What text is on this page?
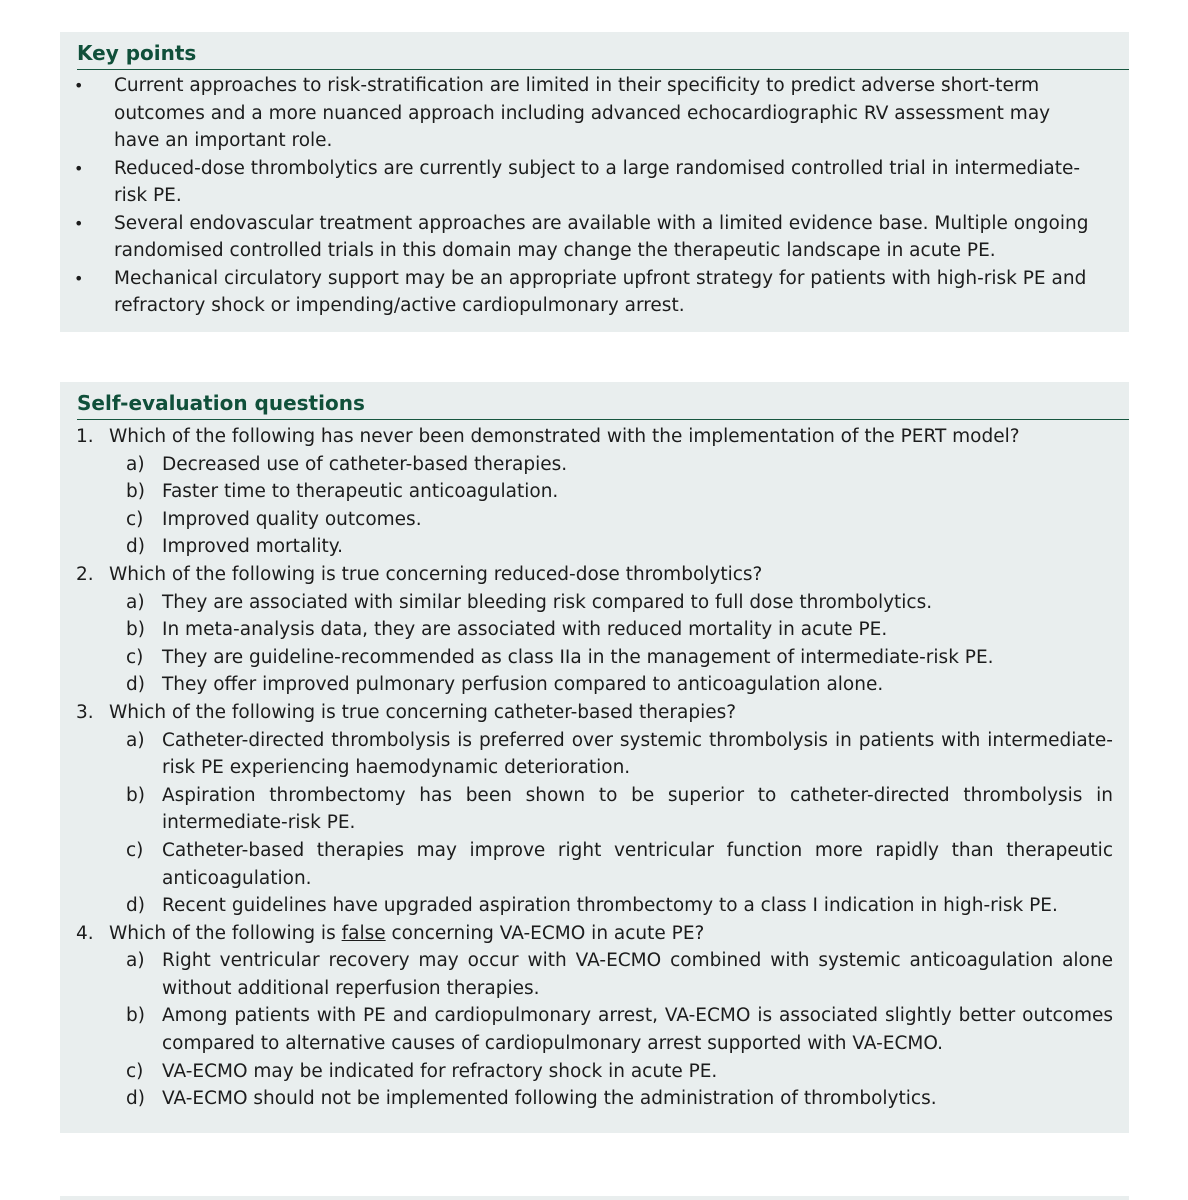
Key points
• Current approaches to risk-stratification are limited in their specificity to predict adverse short-term outcomes and a more nuanced approach including advanced echocardiographic RV assessment may have an important role.
• Reduced-dose thrombolytics are currently subject to a large randomised controlled trial in intermediate-risk PE.
• Several endovascular treatment approaches are available with a limited evidence base. Multiple ongoing randomised controlled trials in this domain may change the therapeutic landscape in acute PE.
• Mechanical circulatory support may be an appropriate upfront strategy for patients with high-risk PE and refractory shock or impending/active cardiopulmonary arrest.
Self-evaluation questions
1. Which of the following has never been demonstrated with the implementation of the PERT model?
a) Decreased use of catheter-based therapies.
b) Faster time to therapeutic anticoagulation.
c) Improved quality outcomes.
d) Improved mortality.
2. Which of the following is true concerning reduced-dose thrombolytics?
a) They are associated with similar bleeding risk compared to full dose thrombolytics.
b) In meta-analysis data, they are associated with reduced mortality in acute PE.
c) They are guideline-recommended as class IIa in the management of intermediate-risk PE.
d) They offer improved pulmonary perfusion compared to anticoagulation alone.
3. Which of the following is true concerning catheter-based therapies?
a) Catheter-directed thrombolysis is preferred over systemic thrombolysis in patients with intermediate-risk PE experiencing haemodynamic deterioration.
b) Aspiration thrombectomy has been shown to be superior to catheter-directed thrombolysis in intermediate-risk PE.
c) Catheter-based therapies may improve right ventricular function more rapidly than therapeutic anticoagulation.
d) Recent guidelines have upgraded aspiration thrombectomy to a class I indication in high-risk PE.
4. Which of the following is false concerning VA-ECMO in acute PE?
a) Right ventricular recovery may occur with VA-ECMO combined with systemic anticoagulation alone without additional reperfusion therapies.
b) Among patients with PE and cardiopulmonary arrest, VA-ECMO is associated slightly better outcomes compared to alternative causes of cardiopulmonary arrest supported with VA-ECMO.
c) VA-ECMO may be indicated for refractory shock in acute PE.
d) VA-ECMO should not be implemented following the administration of thrombolytics.
